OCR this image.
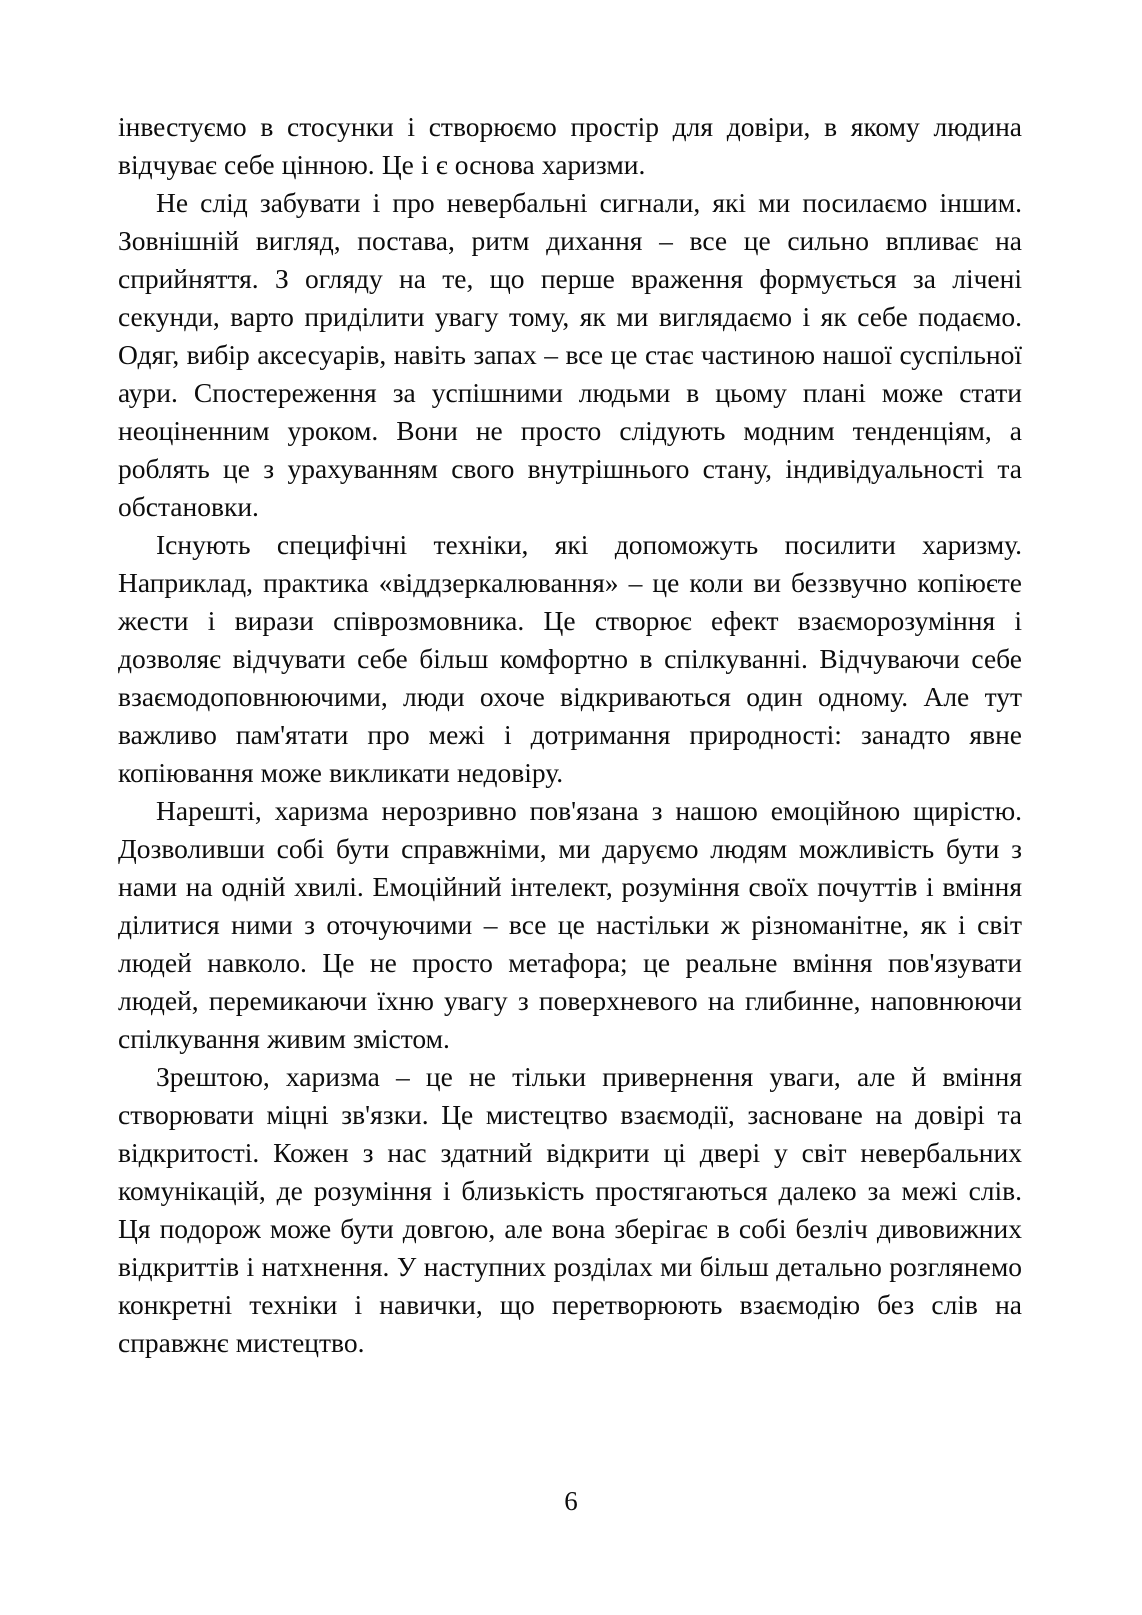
інвестуємо в стосунки і створюємо простір для довіри, в якому людина відчуває себе цінною. Це і є основа харизми.

Не слід забувати і про невербальні сигнали, які ми посилаємо іншим. Зовнішній вигляд, постава, ритм дихання – все це сильно впливає на сприйняття. З огляду на те, що перше враження формується за лічені секунди, варто приділити увагу тому, як ми виглядаємо і як себе подаємо. Одяг, вибір аксесуарів, навіть запах – все це стає частиною нашої суспільної аури. Спостереження за успішними людьми в цьому плані може стати неоціненним уроком. Вони не просто слідують модним тенденціям, а роблять це з урахуванням свого внутрішнього стану, індивідуальності та обстановки.

Існують специфічні техніки, які допоможуть посилити харизму. Наприклад, практика «віддзеркалювання» – це коли ви беззвучно копіюєте жести і вирази співрозмовника. Це створює ефект взаєморозуміння і дозволяє відчувати себе більш комфортно в спілкуванні. Відчуваючи себе взаємодоповнюючими, люди охоче відкриваються один одному. Але тут важливо пам'ятати про межі і дотримання природності: занадто явне копіювання може викликати недовіру.

Нарешті, харизма нерозривно пов'язана з нашою емоційною щирістю. Дозволивши собі бути справжніми, ми даруємо людям можливість бути з нами на одній хвилі. Емоційний інтелект, розуміння своїх почуттів і вміння ділитися ними з оточуючими – все це настільки ж різноманітне, як і світ людей навколо. Це не просто метафора; це реальне вміння пов'язувати людей, перемикаючи їхню увагу з поверхневого на глибинне, наповнюючи спілкування живим змістом.

Зрештою, харизма – це не тільки привернення уваги, але й вміння створювати міцні зв'язки. Це мистецтво взаємодії, засноване на довірі та відкритості. Кожен з нас здатний відкрити ці двері у світ невербальних комунікацій, де розуміння і близькість простягаються далеко за межі слів. Ця подорож може бути довгою, але вона зберігає в собі безліч дивовижних відкриттів і натхнення. У наступних розділах ми більш детально розглянемо конкретні техніки і навички, що перетворюють взаємодію без слів на справжнє мистецтво.

6
